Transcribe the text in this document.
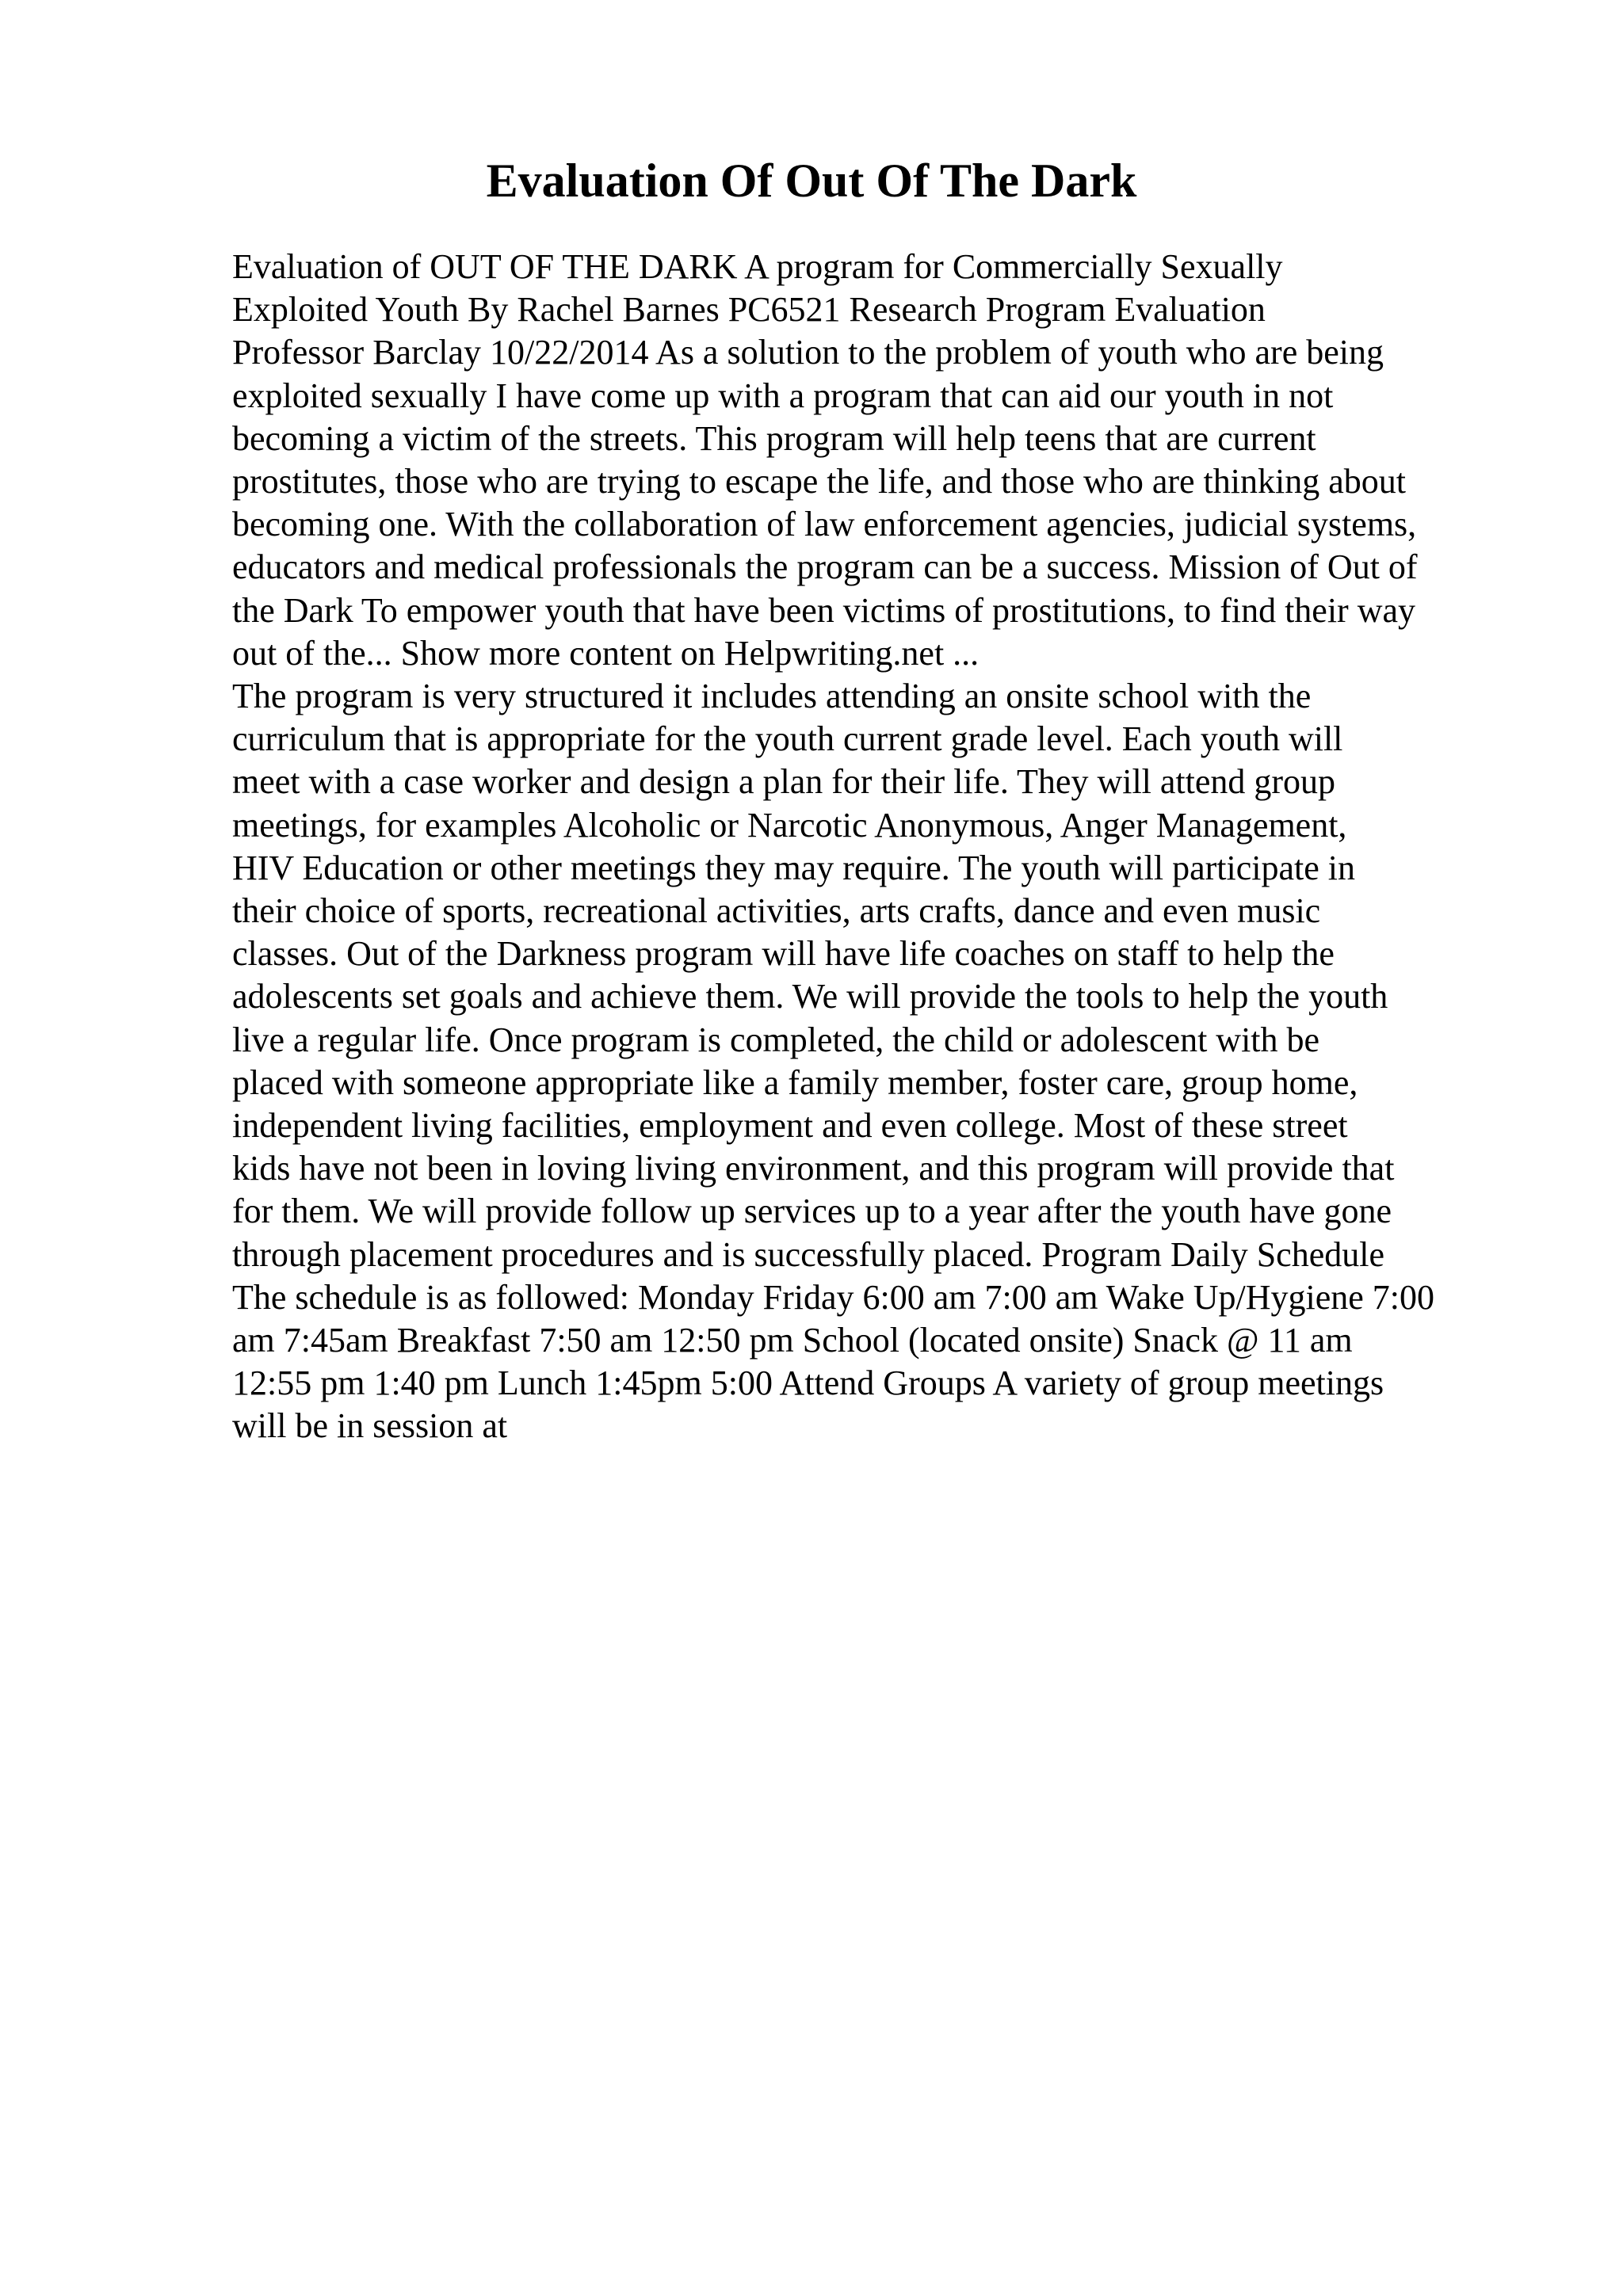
Evaluation Of Out Of The Dark
Evaluation of OUT OF THE DARK A program for Commercially Sexually
Exploited Youth By Rachel Barnes PC6521 Research Program Evaluation
Professor Barclay 10/22/2014 As a solution to the problem of youth who are being
exploited sexually I have come up with a program that can aid our youth in not
becoming a victim of the streets. This program will help teens that are current
prostitutes, those who are trying to escape the life, and those who are thinking about
becoming one. With the collaboration of law enforcement agencies, judicial systems,
educators and medical professionals the program can be a success. Mission of Out of
the Dark To empower youth that have been victims of prostitutions, to find their way
out of the... Show more content on Helpwriting.net ...
The program is very structured it includes attending an onsite school with the
curriculum that is appropriate for the youth current grade level. Each youth will
meet with a case worker and design a plan for their life. They will attend group
meetings, for examples Alcoholic or Narcotic Anonymous, Anger Management,
HIV Education or other meetings they may require. The youth will participate in
their choice of sports, recreational activities, arts crafts, dance and even music
classes. Out of the Darkness program will have life coaches on staff to help the
adolescents set goals and achieve them. We will provide the tools to help the youth
live a regular life. Once program is completed, the child or adolescent with be
placed with someone appropriate like a family member, foster care, group home,
independent living facilities, employment and even college. Most of these street
kids have not been in loving living environment, and this program will provide that
for them. We will provide follow up services up to a year after the youth have gone
through placement procedures and is successfully placed. Program Daily Schedule
The schedule is as followed: Monday Friday 6:00 am 7:00 am Wake Up/Hygiene 7:00
am 7:45am Breakfast 7:50 am 12:50 pm School (located onsite) Snack @ 11 am
12:55 pm 1:40 pm Lunch 1:45pm 5:00 Attend Groups A variety of group meetings
will be in session at
